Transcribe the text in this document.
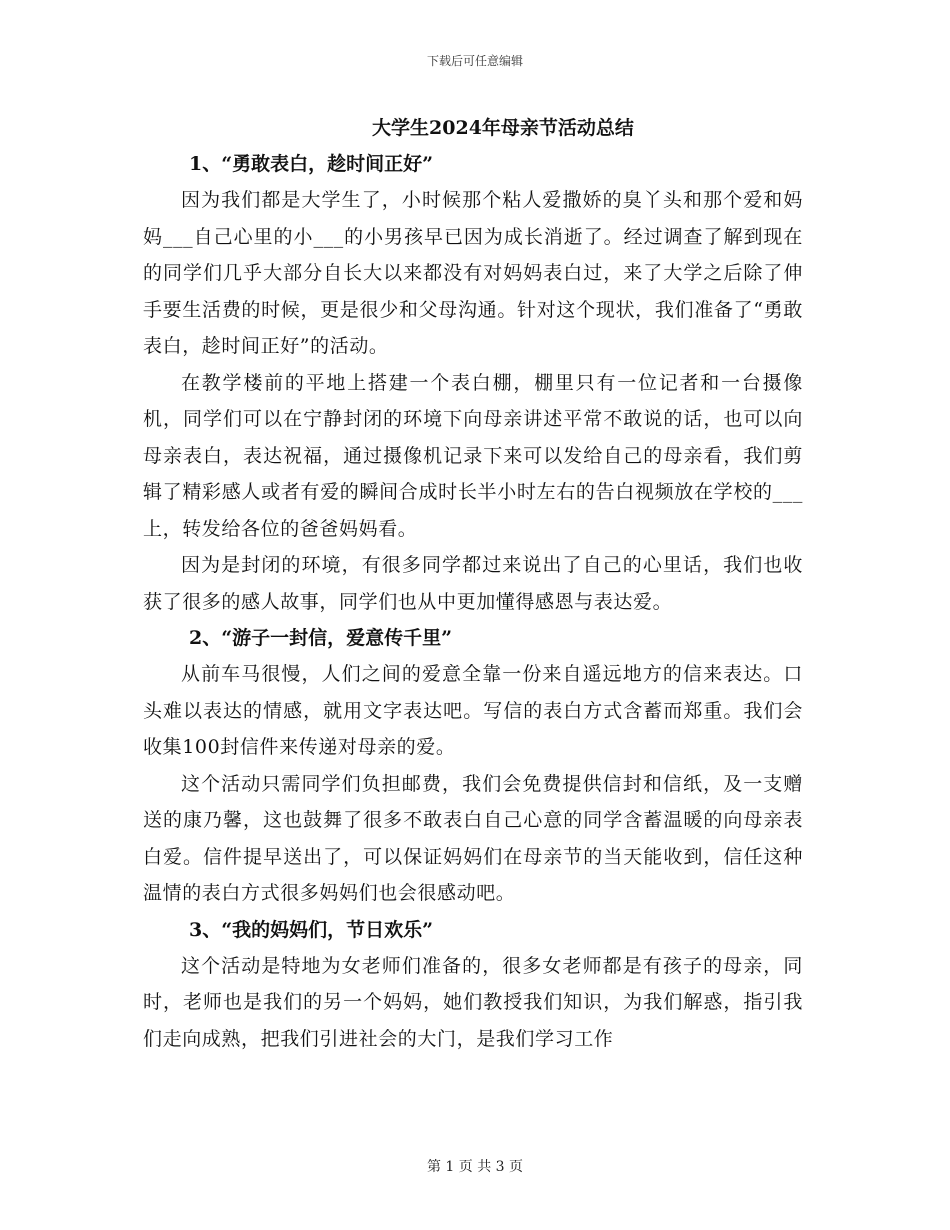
下载后可任意编辑
大学生2024年母亲节活动总结
1、“勇敢表白，趁时间正好”

因为我们都是大学生了，小时候那个粘人爱撒娇的臭丫头和那个爱和妈妈___自己心里的小___的小男孩早已因为成长消逝了。经过调查了解到现在的同学们几乎大部分自长大以来都没有对妈妈表白过，来了大学之后除了伸手要生活费的时候，更是很少和父母沟通。针对这个现状，我们准备了“勇敢表白，趁时间正好”的活动。

在教学楼前的平地上搭建一个表白棚，棚里只有一位记者和一台摄像机，同学们可以在宁静封闭的环境下向母亲讲述平常不敢说的话，也可以向母亲表白，表达祝福，通过摄像机记录下来可以发给自己的母亲看，我们剪辑了精彩感人或者有爱的瞬间合成时长半小时左右的告白视频放在学校的___上，转发给各位的爸爸妈妈看。

因为是封闭的环境，有很多同学都过来说出了自己的心里话，我们也收获了很多的感人故事，同学们也从中更加懂得感恩与表达爱。

2、“游子一封信，爱意传千里”

从前车马很慢，人们之间的爱意全靠一份来自遥远地方的信来表达。口头难以表达的情感，就用文字表达吧。写信的表白方式含蓄而郑重。我们会收集100封信件来传递对母亲的爱。

这个活动只需同学们负担邮费，我们会免费提供信封和信纸，及一支赠送的康乃馨，这也鼓舞了很多不敢表白自己心意的同学含蓄温暖的向母亲表白爱。信件提早送出了，可以保证妈妈们在母亲节的当天能收到，信任这种温情的表白方式很多妈妈们也会很感动吧。

3、“我的妈妈们，节日欢乐”

这个活动是特地为女老师们准备的，很多女老师都是有孩子的母亲，同时，老师也是我们的另一个妈妈，她们教授我们知识，为我们解惑，指引我们走向成熟，把我们引进社会的大门，是我们学习工作

第 1 页 共 3 页
